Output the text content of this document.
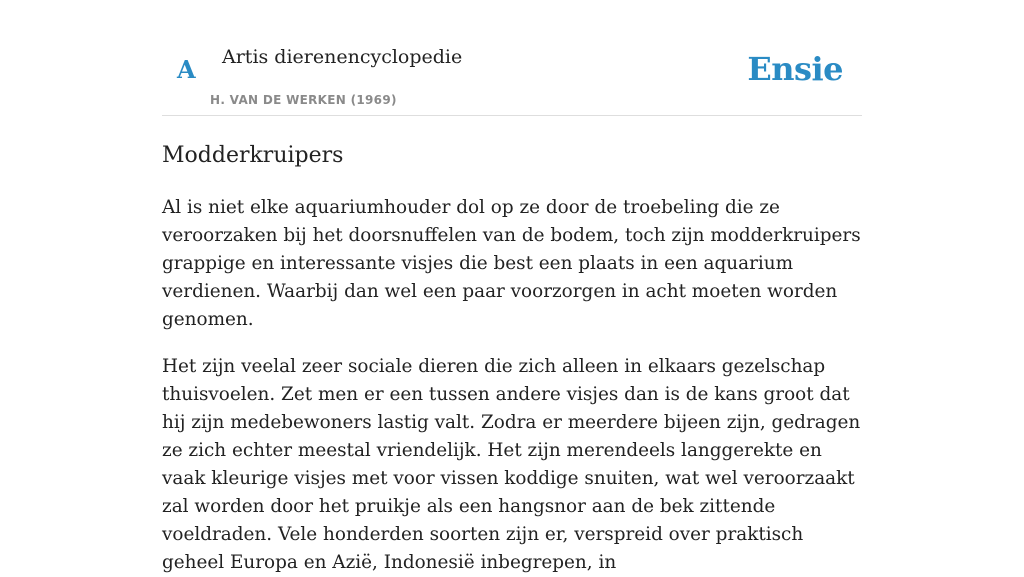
A Artis dierenencyclopedie
H. VAN DE WERKEN (1969)
Ensie
Modderkruipers

Al is niet elke aquariumhouder dol op ze door de troebeling die ze veroorzaken bij het doorsnuffelen van de bodem, toch zijn modderkruipers grappige en interessante visjes die best een plaats in een aquarium verdienen. Waarbij dan wel een paar voorzorgen in acht moeten worden genomen.

Het zijn veelal zeer sociale dieren die zich alleen in elkaars gezelschap thuisvoelen. Zet men er een tussen andere visjes dan is de kans groot dat hij zijn medebewoners lastig valt. Zodra er meerdere bijeen zijn, gedragen ze zich echter meestal vriendelijk. Het zijn merendeels langgerekte en vaak kleurige visjes met voor vissen koddige snuiten, wat wel veroorzaakt zal worden door het pruikje als een hangsnor aan de bek zittende voeldraden. Vele honderden soorten zijn er, verspreid over praktisch geheel Europa en Azië, Indonesië inbegrepen, in
